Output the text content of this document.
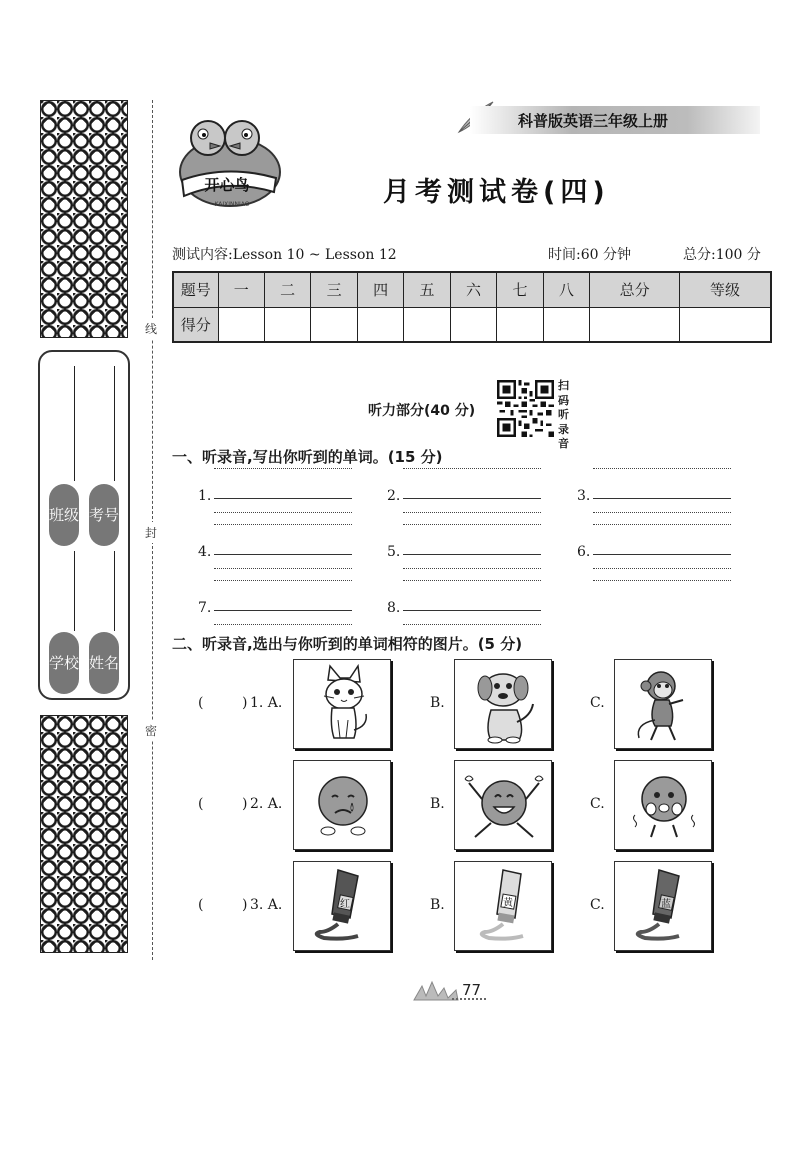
班级
学校
考号
姓名
线
封
密
科普版英语三年级上册
开心鸟
KAIXINNIAO	月考测试卷(四)
测试内容:Lesson 10 ~ Lesson 12	时间:60 分钟	总分:100 分
题号	一	二	三	四	五	六	七	八	总分	等级
得分										
听力部分(40 分)
扫码听录音
一、听录音,写出你听到的单词。(15 分)
1.	2.	3.
4.	5.	6.
7.	8.
二、听录音,选出与你听到的单词相符的图片。(5 分)
(	) 1. A.	B.	C.
(	) 2. A.	B.	C.
(	) 3. A.	红	B.	黄	C.	蓝
77
